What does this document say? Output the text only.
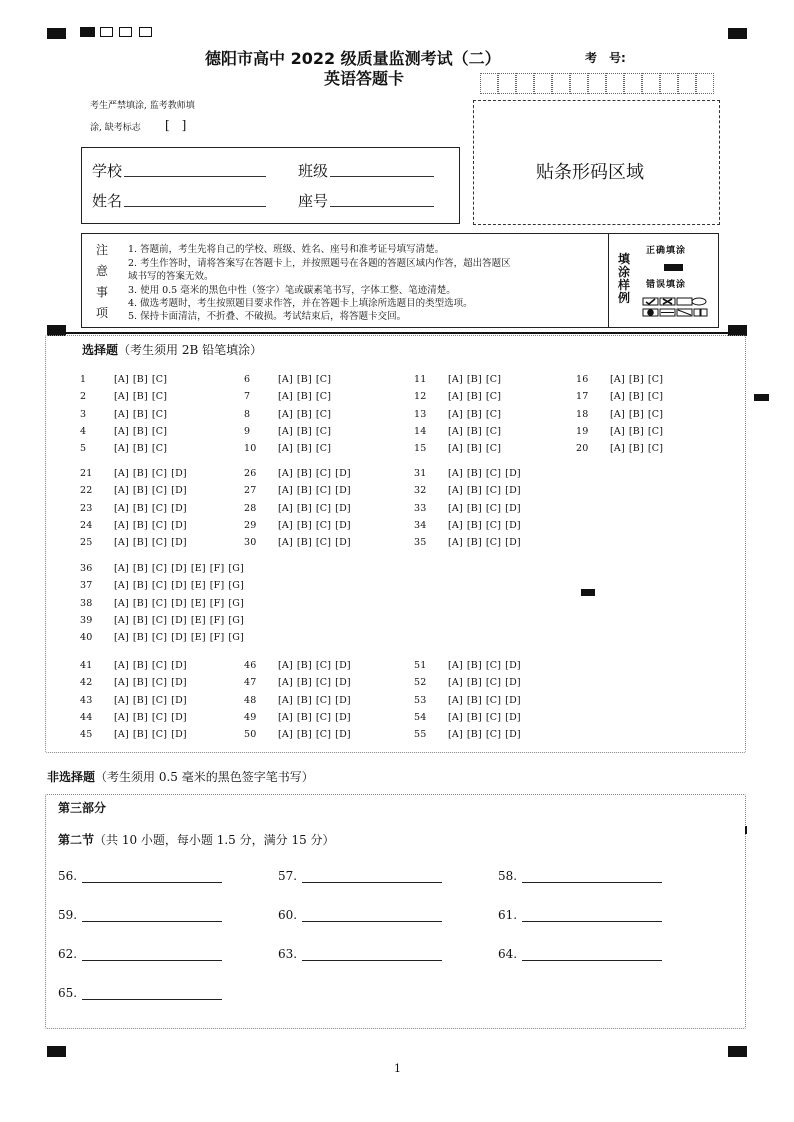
德阳市高中 2022 级质量监测考试（二）
英语答题卡
考　号:
考生严禁填涂, 监考教师填
涂, 缺考标志 [　]
学校	班级
姓名	座号
贴条形码区域
注
意
事
项
1. 答题前，考生先将自己的学校、班级、姓名、座号和准考证号填写清楚。
2. 考生作答时，请将答案写在答题卡上，并按照题号在各题的答题区域内作答，超出答题区
域书写的答案无效。
3. 使用 0.5 毫米的黑色中性（签字）笔或碳素笔书写，字体工整、笔迹清楚。
4. 做选考题时，考生按照题目要求作答，并在答题卡上填涂所选题目的类型选项。
5. 保持卡面清洁，不折叠、不破损。考试结束后，将答题卡交回。
填
涂
样
例
正确填涂
错误填涂
选择题（考生须用 2B 铅笔填涂）
1	[A] [B] [C]
2	[A] [B] [C]
3	[A] [B] [C]
4	[A] [B] [C]
5	[A] [B] [C]
6	[A] [B] [C]
7	[A] [B] [C]
8	[A] [B] [C]
9	[A] [B] [C]
10 [A] [B] [C]
11 [A] [B] [C]
12 [A] [B] [C]
13 [A] [B] [C]
14 [A] [B] [C]
15 [A] [B] [C]
16 [A] [B] [C]
17 [A] [B] [C]
18 [A] [B] [C]
19 [A] [B] [C]
20 [A] [B] [C]
21 [A] [B] [C] [D]
22 [A] [B] [C] [D]
23 [A] [B] [C] [D]
24 [A] [B] [C] [D]
25 [A] [B] [C] [D]
26 [A] [B] [C] [D]
27 [A] [B] [C] [D]
28 [A] [B] [C] [D]
29 [A] [B] [C] [D]
30 [A] [B] [C] [D]
31 [A] [B] [C] [D]
32 [A] [B] [C] [D]
33 [A] [B] [C] [D]
34 [A] [B] [C] [D]
35 [A] [B] [C] [D]
36 [A] [B] [C] [D] [E] [F] [G]
37 [A] [B] [C] [D] [E] [F] [G]
38 [A] [B] [C] [D] [E] [F] [G]
39 [A] [B] [C] [D] [E] [F] [G]
40 [A] [B] [C] [D] [E] [F] [G]
41 [A] [B] [C] [D]
42 [A] [B] [C] [D]
43 [A] [B] [C] [D]
44 [A] [B] [C] [D]
45 [A] [B] [C] [D]
46 [A] [B] [C] [D]
47 [A] [B] [C] [D]
48 [A] [B] [C] [D]
49 [A] [B] [C] [D]
50 [A] [B] [C] [D]
51 [A] [B] [C] [D]
52 [A] [B] [C] [D]
53 [A] [B] [C] [D]
54 [A] [B] [C] [D]
55 [A] [B] [C] [D]
非选择题（考生须用 0.5 毫米的黑色签字笔书写）
第三部分
第二节（共 10 小题，每小题 1.5 分，满分 15 分）
56.	57.	58.
59.	60.	61.
62.	63.	64.
65.
1
